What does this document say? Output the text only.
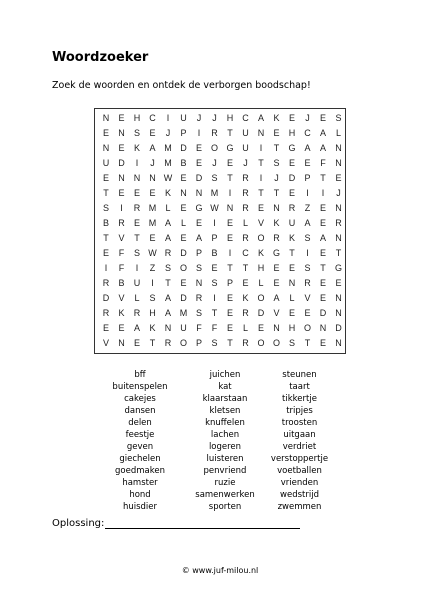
Woordzoeker
Zoek de woorden en ontdek de verborgen boodschap!
N	E	H	C	I	U	J	J	H	C	A	K	E	J	E	S
E	N	S	E	J	P	I	R	T	U	N	E	H	C	A	L
N	E	K	A M D	E O G U	I	T	G A	A	N
U	D	I	J	M B	E	J	E	J	T	S	E	E	F	N
E	N	N	N W E	D	S	T	R	I	J	D	P	T	E
T	E	E	E	K	N	N M	I	R	T	T	E	I	I	J
S	I	R M	L	E G W N	R	E	N	R	Z	E	N
B	R	E M A	L	E	I	E	L	V	K	U	A	E	R
T	V	T	E	A	E	A	P	E	R O R	K	S	A	N
E	F	S W R	D	P	B	I	C	K G	T	I	E	T
I	F	I	Z	S O S	E	T	T	H	E	E	S	T	G
R	B	U	I	T	E	N	S	P	E	L	E	N	R	E	E
D	V	L	S	A	D	R	I	E	K O A	L	V	E	N
R	K	R	H	A M S	T	E	R	D	V	E	E	D	N
E	E	A	K	N	U	F	F	E	L	E	N	H O N	D
V	N	E	T	R O P	S	T	R O O S	T	E	N
bff
buitenspelen
cakejes
dansen
delen
feestje
geven
giechelen
goedmaken
hamster
hond
huisdier
juichen
kat
klaarstaan
kletsen
knuffelen
lachen
logeren
luisteren
penvriend
ruzie
samenwerken
sporten
steunen
taart
tikkertje
tripjes
troosten
uitgaan
verdriet
verstoppertje
voetballen
vrienden
wedstrijd
zwemmen
Oplossing:
© www.juf-milou.nl
